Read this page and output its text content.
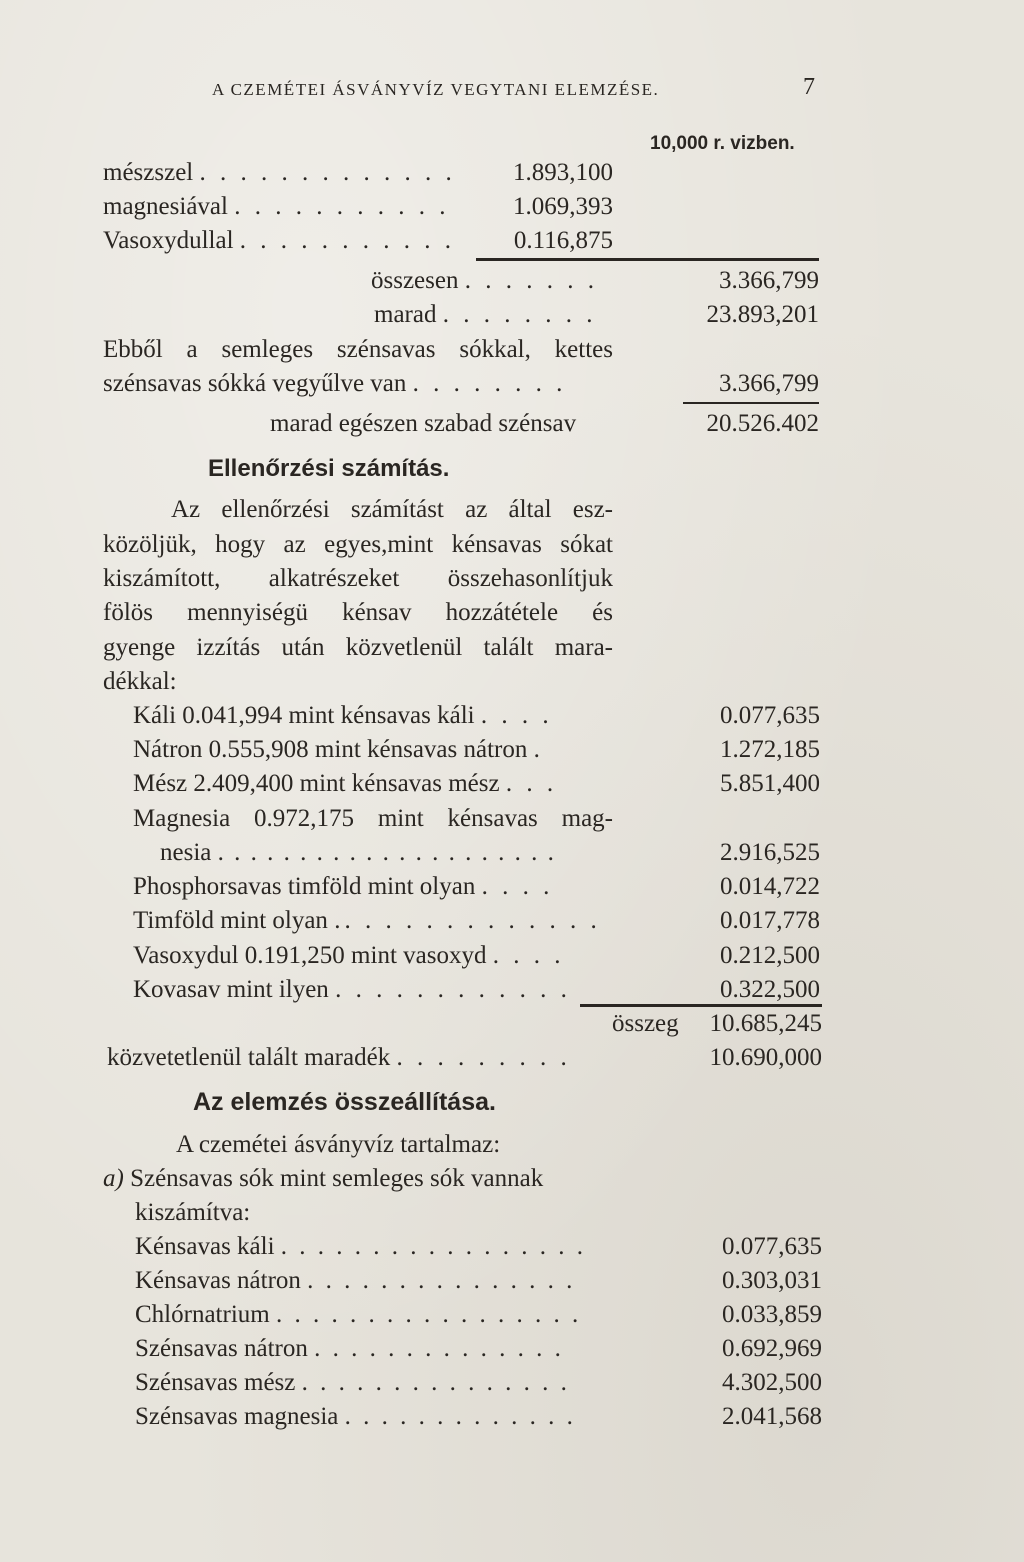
A CZEMÉTEI ÁSVÁNYVÍZ VEGYTANI ELEMZÉSE.	7
10,000 r. vizben.
mészszel . . . . . . . . . . . . . 1.893,100
magnesiával . . . . . . . . . . .	1.069,393
Vasoxydullal . . . . . . . . . . . 0.116,875
összesen . . . . . . .	3.366,799
marad . . . . . . . .	23.893,201
Ebből a semleges szénsavas sókkal, kettes
szénsavas sókká vegyűlve van . . . . . . . .	3.366,799
marad egészen szabad szénsav	20.526.402
Ellenőrzési számítás.
Az ellenőrzési számítást az által esz-
közöljük, hogy az egyes,mint kénsavas sókat
kiszámított, alkatrészeket összehasonlítjuk
fölös mennyiségü kénsav hozzátétele és
gyenge izzítás után közvetlenül talált mara-
dékkal:
Káli 0.041,994 mint kénsavas káli . . . .	0.077,635
Nátron 0.555,908 mint kénsavas nátron .	1.272,185
Mész 2.409,400 mint kénsavas mész . . .	5.851,400
Magnesia 0.972,175 mint kénsavas mag-
nesia . . . . . . . . . . . . . . . . . . . . .	2.916,525
Phosphorsavas timföld mint olyan . . . .	0.014,722
Timföld mint olyan .. . . . . . . . . . . . .	0.017,778
Vasoxydul 0.191,250 mint vasoxyd . . . .	0.212,500
Kovasav mint ilyen . . . . . . . . . . . .	0.322,500
összeg 10.685,245
közvetetlenül talált maradék . . . . . . . . .	10.690,000
Az elemzés összeállítása.
A czemétei ásványvíz tartalmaz:
a) Szénsavas sók mint semleges sók vannak
kiszámítva:
Kénsavas káli . . . . . . . . . . . . . . . . .	0.077,635
Kénsavas nátron . . . . . . . . . . . . . . .	0.303,031
Chlórnatrium . . . . . . . . . . . . . . . . .	0.033,859
Szénsavas nátron . . . . . . . . . . . . . .	0.692,969
Szénsavas mész . . . . . . . . . . . . . . .	4.302,500
Szénsavas magnesia . . . . . . . . . . . . .	2.041,568
